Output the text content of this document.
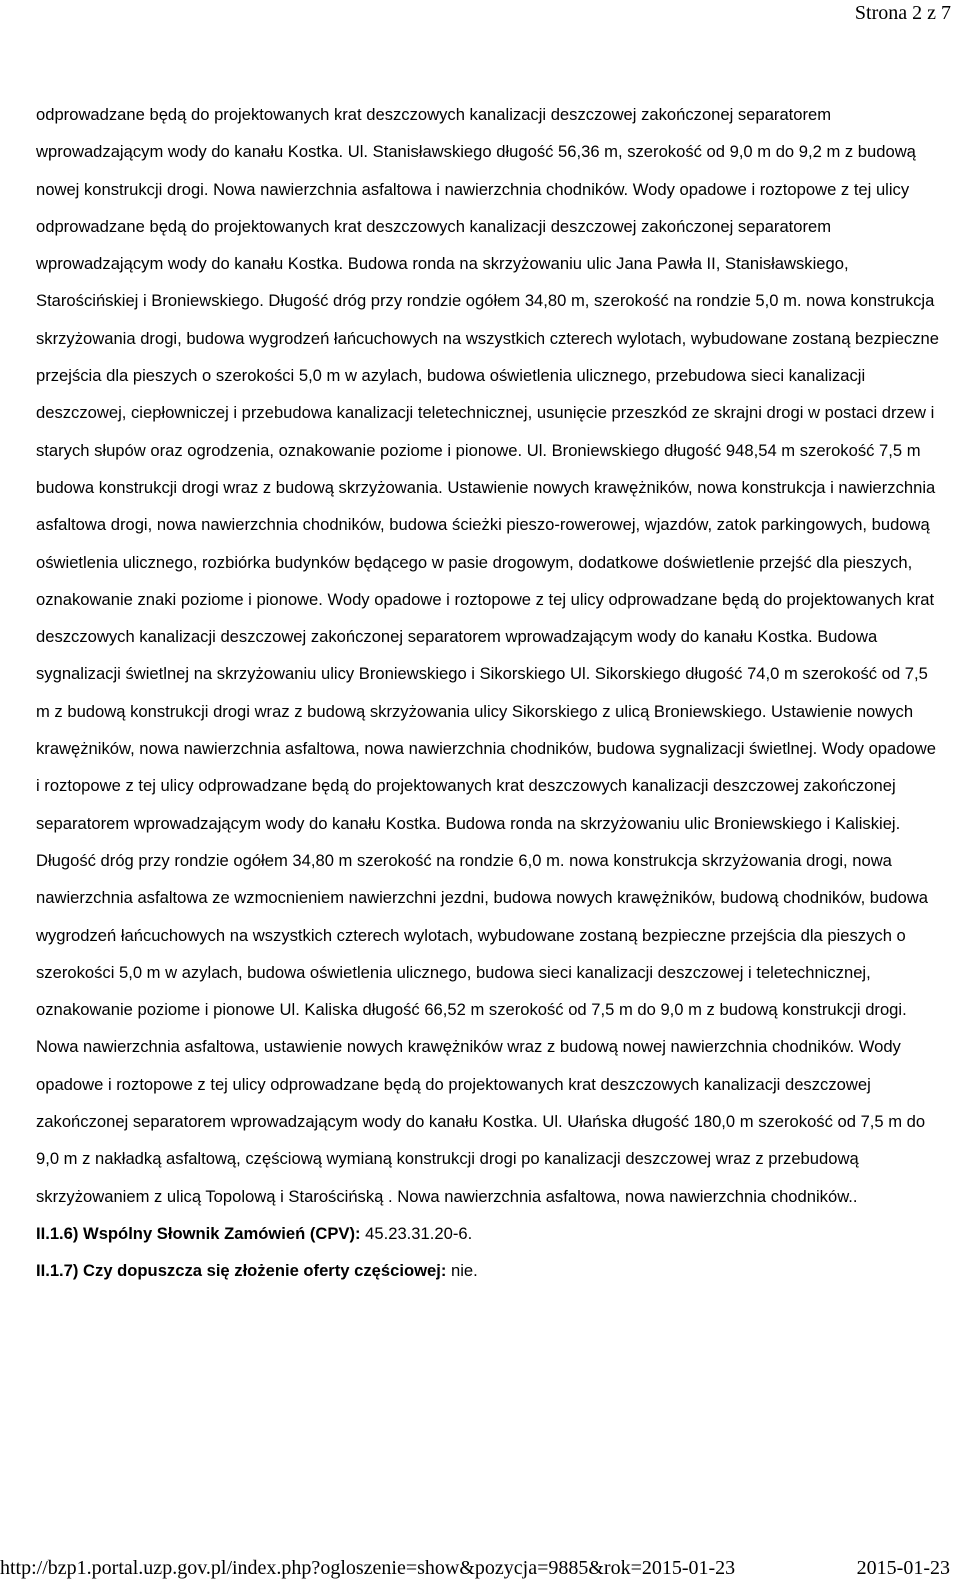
Strona 2 z 7

odprowadzane będą do projektowanych krat deszczowych kanalizacji deszczowej zakończonej separatorem wprowadzającym wody do kanału Kostka. Ul. Stanisławskiego długość 56,36 m, szerokość od 9,0 m do 9,2 m z budową nowej konstrukcji drogi. Nowa nawierzchnia asfaltowa i nawierzchnia chodników. Wody opadowe i roztopowe z tej ulicy odprowadzane będą do projektowanych krat deszczowych kanalizacji deszczowej zakończonej separatorem wprowadzającym wody do kanału Kostka. Budowa ronda na skrzyżowaniu ulic Jana Pawła II, Stanisławskiego, Starościńskiej i Broniewskiego. Długość dróg przy rondzie ogółem 34,80 m, szerokość na rondzie 5,0 m. nowa konstrukcja skrzyżowania drogi, budowa wygrodzeń łańcuchowych na wszystkich czterech wylotach, wybudowane zostaną bezpieczne przejścia dla pieszych o szerokości 5,0 m w azylach, budowa oświetlenia ulicznego, przebudowa sieci kanalizacji deszczowej, ciepłowniczej i przebudowa kanalizacji teletechnicznej, usunięcie przeszkód ze skrajni drogi w postaci drzew i starych słupów oraz ogrodzenia, oznakowanie poziome i pionowe. Ul. Broniewskiego długość 948,54 m szerokość 7,5 m budowa konstrukcji drogi wraz z budową skrzyżowania. Ustawienie nowych krawężników, nowa konstrukcja i nawierzchnia asfaltowa drogi, nowa nawierzchnia chodników, budowa ścieżki pieszo-rowerowej, wjazdów, zatok parkingowych, budową oświetlenia ulicznego, rozbiórka budynków będącego w pasie drogowym, dodatkowe doświetlenie przejść dla pieszych, oznakowanie znaki poziome i pionowe. Wody opadowe i roztopowe z tej ulicy odprowadzane będą do projektowanych krat deszczowych kanalizacji deszczowej zakończonej separatorem wprowadzającym wody do kanału Kostka. Budowa sygnalizacji świetlnej na skrzyżowaniu ulicy Broniewskiego i Sikorskiego Ul. Sikorskiego długość 74,0 m szerokość od 7,5 m z budową konstrukcji drogi wraz z budową skrzyżowania ulicy Sikorskiego z ulicą Broniewskiego. Ustawienie nowych krawężników, nowa nawierzchnia asfaltowa, nowa nawierzchnia chodników, budowa sygnalizacji świetlnej. Wody opadowe i roztopowe z tej ulicy odprowadzane będą do projektowanych krat deszczowych kanalizacji deszczowej zakończonej separatorem wprowadzającym wody do kanału Kostka. Budowa ronda na skrzyżowaniu ulic Broniewskiego i Kaliskiej. Długość dróg przy rondzie ogółem 34,80 m szerokość na rondzie 6,0 m. nowa konstrukcja skrzyżowania drogi, nowa nawierzchnia asfaltowa ze wzmocnieniem nawierzchni jezdni, budowa nowych krawężników, budową chodników, budowa wygrodzeń łańcuchowych na wszystkich czterech wylotach, wybudowane zostaną bezpieczne przejścia dla pieszych o szerokości 5,0 m w azylach, budowa oświetlenia ulicznego, budowa sieci kanalizacji deszczowej i teletechnicznej, oznakowanie poziome i pionowe Ul. Kaliska długość 66,52 m szerokość od 7,5 m do 9,0 m z budową konstrukcji drogi. Nowa nawierzchnia asfaltowa, ustawienie nowych krawężników wraz z budową nowej nawierzchnia chodników. Wody opadowe i roztopowe z tej ulicy odprowadzane będą do projektowanych krat deszczowych kanalizacji deszczowej zakończonej separatorem wprowadzającym wody do kanału Kostka. Ul. Ułańska długość 180,0 m szerokość od 7,5 m do 9,0 m z nakładką asfaltową, częściową wymianą konstrukcji drogi po kanalizacji deszczowej wraz z przebudową skrzyżowaniem z ulicą Topolową i Starościńską . Nowa nawierzchnia asfaltowa, nowa nawierzchnia chodników..

II.1.6) Wspólny Słownik Zamówień (CPV): 45.23.31.20-6.

II.1.7) Czy dopuszcza się złożenie oferty częściowej: nie.

http://bzp1.portal.uzp.gov.pl/index.php?ogloszenie=show&pozycja=9885&rok=2015-01-23	2015-01-23
